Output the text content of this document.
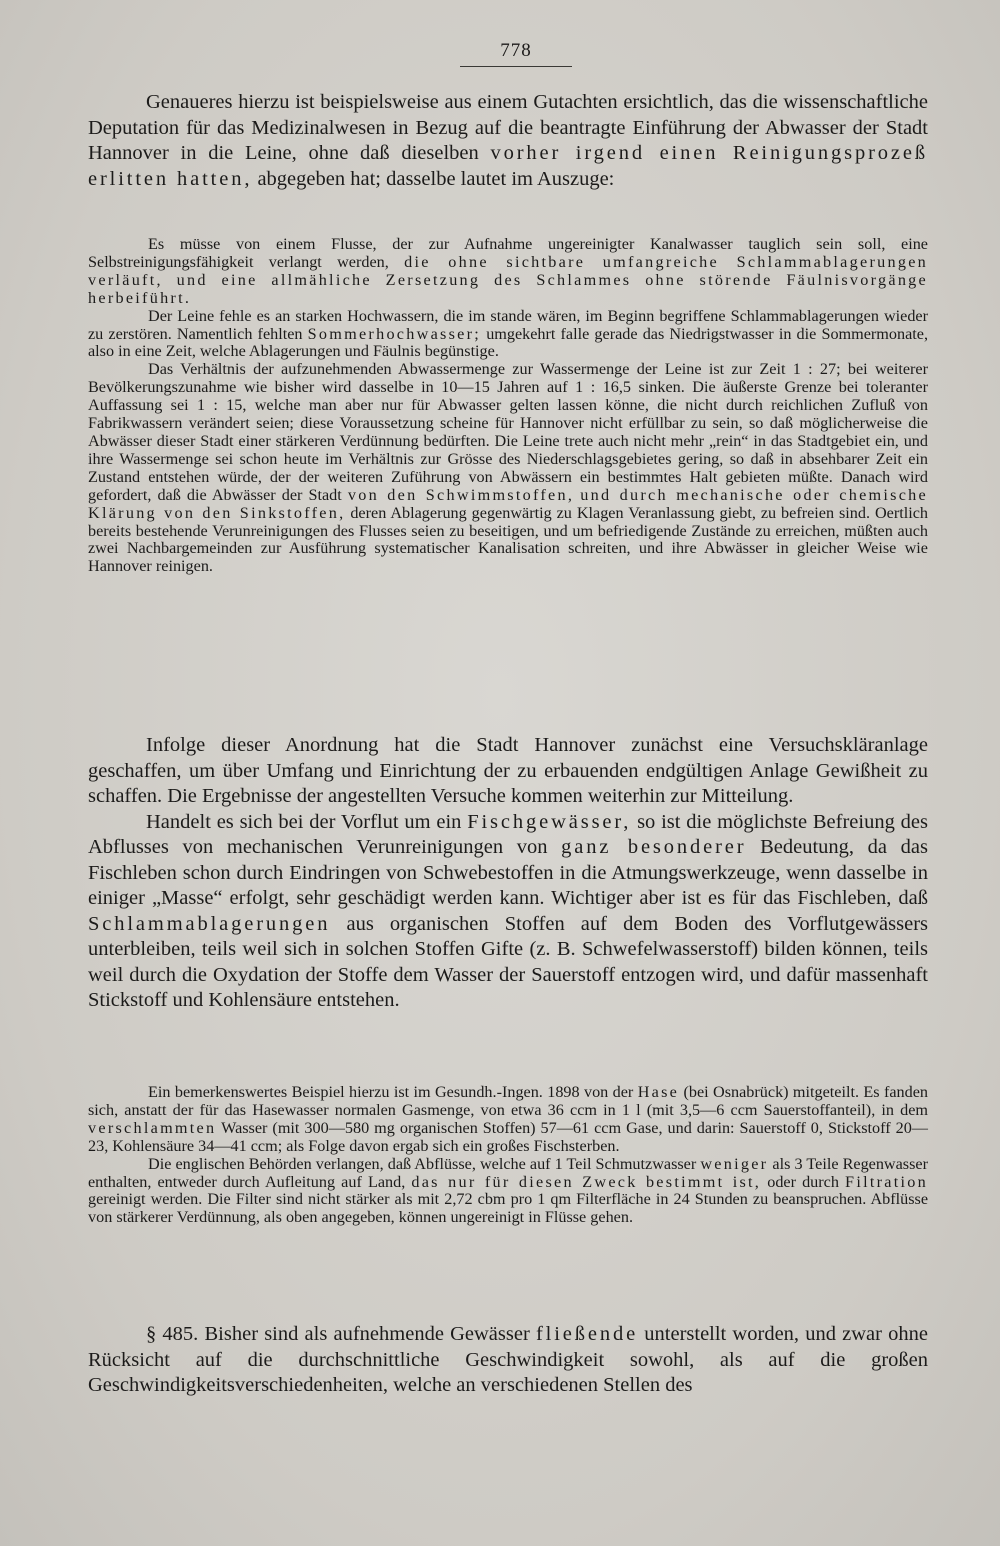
778

Genaueres hierzu ist beispielsweise aus einem Gutachten ersichtlich, das die wissenschaftliche Deputation für das Medizinalwesen in Bezug auf die beantragte Einführung der Abwasser der Stadt Hannover in die Leine, ohne daß dieselben vorher irgend einen Reinigungsprozeß erlitten hatten, abgegeben hat; dasselbe lautet im Auszuge:

Es müsse von einem Flusse, der zur Aufnahme ungereinigter Kanalwasser tauglich sein soll, eine Selbstreinigungsfähigkeit verlangt werden, die ohne sichtbare umfangreiche Schlammablagerungen verläuft, und eine allmähliche Zersetzung des Schlammes ohne störende Fäulnisvorgänge herbeiführt.

Der Leine fehle es an starken Hochwassern, die im stande wären, im Beginn begriffene Schlammablagerungen wieder zu zerstören. Namentlich fehlten Sommerhochwasser; umgekehrt falle gerade das Niedrigstwasser in die Sommermonate, also in eine Zeit, welche Ablagerungen und Fäulnis begünstige.

Das Verhältnis der aufzunehmenden Abwassermenge zur Wassermenge der Leine ist zur Zeit 1 : 27; bei weiterer Bevölkerungszunahme wie bisher wird dasselbe in 10—15 Jahren auf 1 : 16,5 sinken. Die äußerste Grenze bei toleranter Auffassung sei 1 : 15, welche man aber nur für Abwasser gelten lassen könne, die nicht durch reichlichen Zufluß von Fabrikwassern verändert seien; diese Voraussetzung scheine für Hannover nicht erfüllbar zu sein, so daß möglicherweise die Abwässer dieser Stadt einer stärkeren Verdünnung bedürften. Die Leine trete auch nicht mehr „rein“ in das Stadtgebiet ein, und ihre Wassermenge sei schon heute im Verhältnis zur Grösse des Niederschlagsgebietes gering, so daß in absehbarer Zeit ein Zustand entstehen würde, der der weiteren Zuführung von Abwässern ein bestimmtes Halt gebieten müßte. Danach wird gefordert, daß die Abwässer der Stadt von den Schwimmstoffen, und durch mechanische oder chemische Klärung von den Sinkstoffen, deren Ablagerung gegenwärtig zu Klagen Veranlassung giebt, zu befreien sind. Oertlich bereits bestehende Verunreinigungen des Flusses seien zu beseitigen, und um befriedigende Zustände zu erreichen, müßten auch zwei Nachbargemeinden zur Ausführung systematischer Kanalisation schreiten, und ihre Abwässer in gleicher Weise wie Hannover reinigen.

Infolge dieser Anordnung hat die Stadt Hannover zunächst eine Versuchskläranlage geschaffen, um über Umfang und Einrichtung der zu erbauenden endgültigen Anlage Gewißheit zu schaffen. Die Ergebnisse der angestellten Versuche kommen weiterhin zur Mitteilung.

Handelt es sich bei der Vorflut um ein Fischgewässer, so ist die möglichste Befreiung des Abflusses von mechanischen Verunreinigungen von ganz besonderer Bedeutung, da das Fischleben schon durch Eindringen von Schwebestoffen in die Atmungswerkzeuge, wenn dasselbe in einiger „Masse“ erfolgt, sehr geschädigt werden kann. Wichtiger aber ist es für das Fischleben, daß Schlammablagerungen aus organischen Stoffen auf dem Boden des Vorflutgewässers unterbleiben, teils weil sich in solchen Stoffen Gifte (z. B. Schwefelwasserstoff) bilden können, teils weil durch die Oxydation der Stoffe dem Wasser der Sauerstoff entzogen wird, und dafür massenhaft Stickstoff und Kohlensäure entstehen.

Ein bemerkenswertes Beispiel hierzu ist im Gesundh.-Ingen. 1898 von der Hase (bei Osnabrück) mitgeteilt. Es fanden sich, anstatt der für das Hasewasser normalen Gasmenge, von etwa 36 ccm in 1 l (mit 3,5—6 ccm Sauerstoffanteil), in dem verschlammten Wasser (mit 300—580 mg organischen Stoffen) 57—61 ccm Gase, und darin: Sauerstoff 0, Stickstoff 20—23, Kohlensäure 34—41 ccm; als Folge davon ergab sich ein großes Fischsterben.

Die englischen Behörden verlangen, daß Abflüsse, welche auf 1 Teil Schmutzwasser weniger als 3 Teile Regenwasser enthalten, entweder durch Aufleitung auf Land, das nur für diesen Zweck bestimmt ist, oder durch Filtration gereinigt werden. Die Filter sind nicht stärker als mit 2,72 cbm pro 1 qm Filterfläche in 24 Stunden zu beanspruchen. Abflüsse von stärkerer Verdünnung, als oben angegeben, können ungereinigt in Flüsse gehen.

§ 485. Bisher sind als aufnehmende Gewässer fließende unterstellt worden, und zwar ohne Rücksicht auf die durchschnittliche Geschwindigkeit sowohl, als auf die großen Geschwindigkeitsverschiedenheiten, welche an verschiedenen Stellen des
